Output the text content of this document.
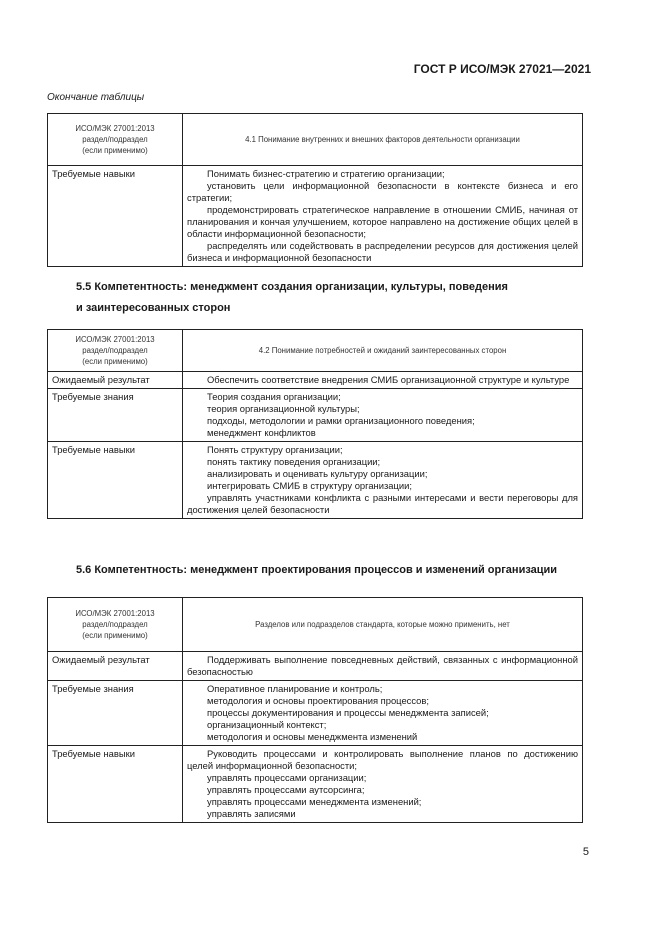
ГОСТ Р ИСО/МЭК 27021—2021
Окончание таблицы
ИСО/МЭК 27001:2013
раздел/подраздел
(если применимо)	4.1 Понимание внутренних и внешних факторов деятельности организации
Требуемые навыки	Понимать бизнес-стратегию и стратегию организации;
установить цели информационной безопасности в контексте бизнеса и его стратегии;
продемонстрировать стратегическое направление в отношении СМИБ, начиная от планирования и кончая улучшением, которое направлено на достижение общих целей в области информационной безопасности;
распределять или содействовать в распределении ресурсов для достижения целей бизнеса и информационной безопасности
5.5 Компетентность: менеджмент создания организации, культуры, поведения
и заинтересованных сторон
ИСО/МЭК 27001:2013
раздел/подраздел
(если применимо)	4.2 Понимание потребностей и ожиданий заинтересованных сторон
Ожидаемый результат	Обеспечить соответствие внедрения СМИБ организационной структуре и культуре

Требуемые знания	Теория создания организации;
теория организационной культуры;
подходы, методологии и рамки организационного поведения;
менеджмент конфликтов

Требуемые навыки	Понять структуру организации;
понять тактику поведения организации;
анализировать и оценивать культуру организации;
интегрировать СМИБ в структуру организации;
управлять участниками конфликта с разными интересами и вести переговоры для достижения целей безопасности
5.6 Компетентность: менеджмент проектирования процессов и изменений организации
ИСО/МЭК 27001:2013
раздел/подраздел
(если применимо)	Разделов или подразделов стандарта, которые можно применить, нет
Ожидаемый результат	Поддерживать выполнение повседневных действий, связанных с информационной безопасностью

Требуемые знания	Оперативное планирование и контроль;
методология и основы проектирования процессов;
процессы документирования и процессы менеджмента записей;
организационный контекст;
методология и основы менеджмента изменений

Требуемые навыки	Руководить процессами и контролировать выполнение планов по достижению целей информационной безопасности;
управлять процессами организации;
управлять процессами аутсорсинга;
управлять процессами менеджмента изменений;
управлять записями
5
